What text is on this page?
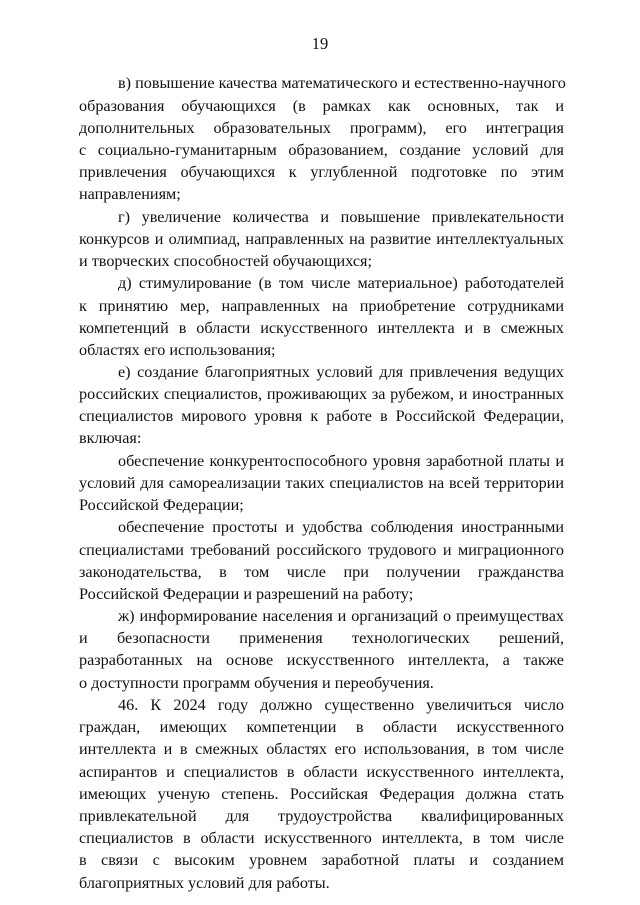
19
в) повышение качества математического и естественно-научного
образования обучающихся (в рамках как основных, так и
дополнительных образовательных программ), его интеграция
с социально-гуманитарным образованием, создание условий для
привлечения обучающихся к углубленной подготовке по этим
направлениям;
г) увеличение количества и повышение привлекательности
конкурсов и олимпиад, направленных на развитие интеллектуальных
и творческих способностей обучающихся;
д) стимулирование (в том числе материальное) работодателей
к принятию мер, направленных на приобретение сотрудниками
компетенций в области искусственного интеллекта и в смежных
областях его использования;
е) создание благоприятных условий для привлечения ведущих
российских специалистов, проживающих за рубежом, и иностранных
специалистов мирового уровня к работе в Российской Федерации,
включая:
обеспечение конкурентоспособного уровня заработной платы и
условий для самореализации таких специалистов на всей территории
Российской Федерации;
обеспечение простоты и удобства соблюдения иностранными
специалистами требований российского трудового и миграционного
законодательства, в том числе при получении гражданства
Российской Федерации и разрешений на работу;
ж) информирование населения и организаций о преимуществах
и безопасности применения технологических решений,
разработанных на основе искусственного интеллекта, а также
о доступности программ обучения и переобучения.
46. К 2024 году должно существенно увеличиться число
граждан, имеющих компетенции в области искусственного
интеллекта и в смежных областях его использования, в том числе
аспирантов и специалистов в области искусственного интеллекта,
имеющих ученую степень. Российская Федерация должна стать
привлекательной для трудоустройства квалифицированных
специалистов в области искусственного интеллекта, в том числе
в связи с высоким уровнем заработной платы и созданием
благоприятных условий для работы.
